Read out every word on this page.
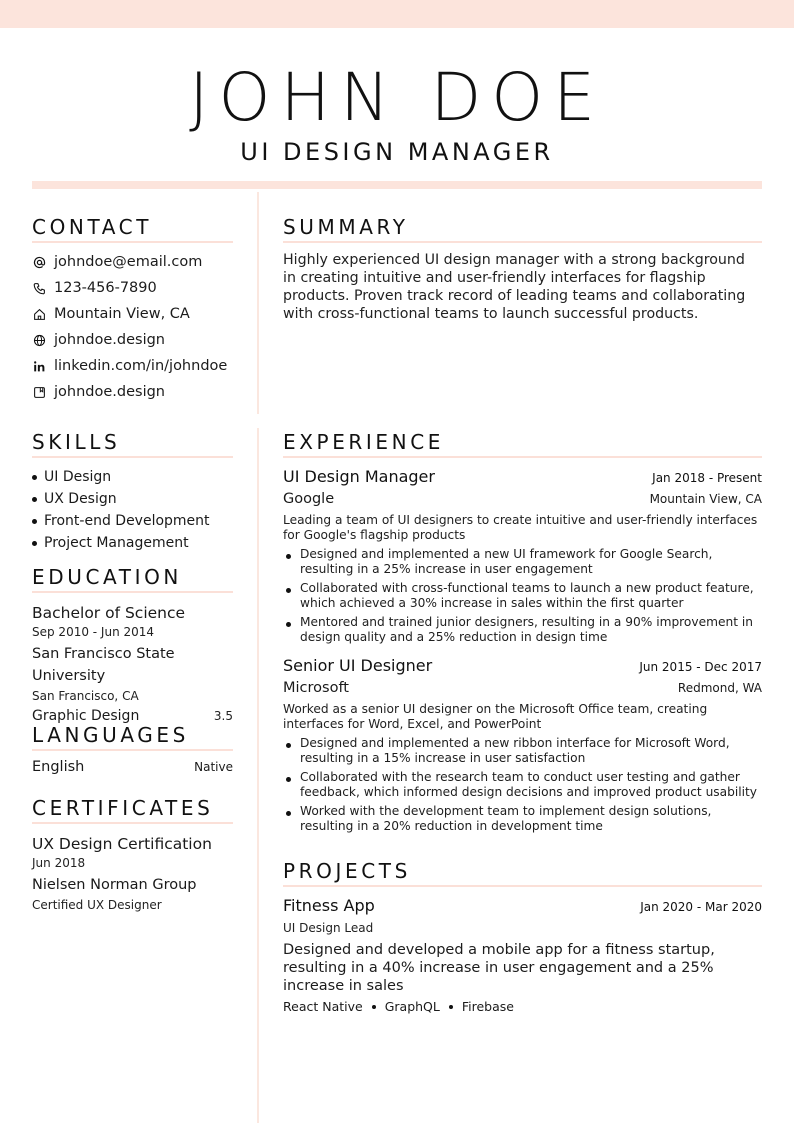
JOHN DOE
UI DESIGN MANAGER
CONTACT
johndoe@email.com
123-456-7890
Mountain View, CA
johndoe.design
linkedin.com/in/johndoe
johndoe.design
SUMMARY

Highly experienced UI design manager with a strong background in creating intuitive and user-friendly interfaces for flagship products. Proven track record of leading teams and collaborating with cross-functional teams to launch successful products.

SKILLS
UI Design
UX Design
Front-end Development
Project Management
EDUCATION
Bachelor of Science
Sep 2010 - Jun 2014
San Francisco State University
San Francisco, CA
Graphic Design	3.5
LANGUAGES
English	Native
CERTIFICATES
UX Design Certification
Jun 2018
Nielsen Norman Group
Certified UX Designer
EXPERIENCE
UI Design Manager	Jan 2018 - Present
Google	Mountain View, CA

Leading a team of UI designers to create intuitive and user-friendly interfaces for Google's flagship products

Designed and implemented a new UI framework for Google Search, resulting in a 25% increase in user engagement
Collaborated with cross-functional teams to launch a new product feature, which achieved a 30% increase in sales within the first quarter
Mentored and trained junior designers, resulting in a 90% improvement in design quality and a 25% reduction in design time
Senior UI Designer	Jun 2015 - Dec 2017
Microsoft	Redmond, WA

Worked as a senior UI designer on the Microsoft Office team, creating interfaces for Word, Excel, and PowerPoint

Designed and implemented a new ribbon interface for Microsoft Word, resulting in a 15% increase in user satisfaction
Collaborated with the research team to conduct user testing and gather feedback, which informed design decisions and improved product usability
Worked with the development team to implement design solutions, resulting in a 20% reduction in development time
PROJECTS
Fitness App	Jan 2020 - Mar 2020
UI Design Lead

Designed and developed a mobile app for a fitness startup, resulting in a 40% increase in user engagement and a 25% increase in sales

React Native GraphQL Firebase
